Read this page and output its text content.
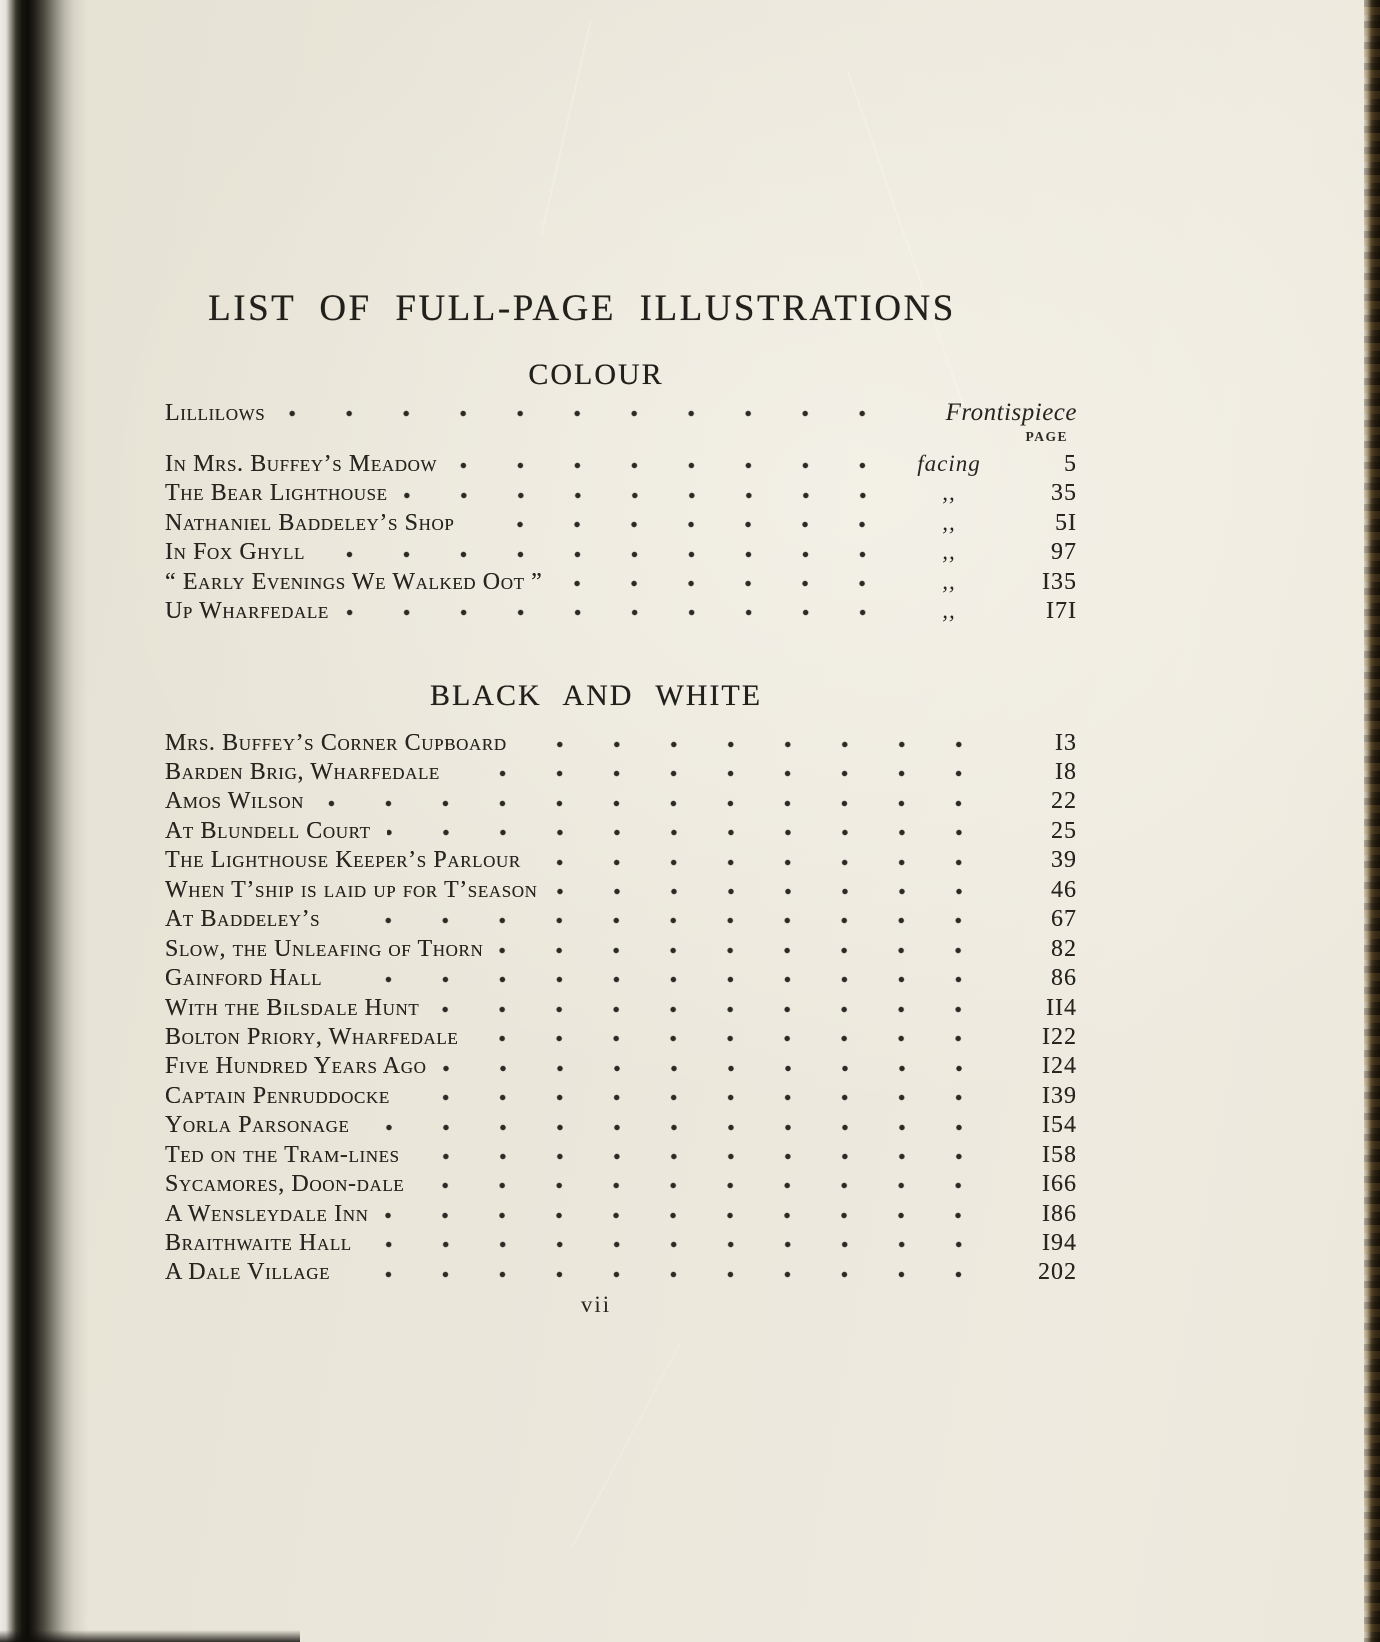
LIST OF FULL-PAGE ILLUSTRATIONS
COLOUR
Lillilows	Frontispiece
PAGE
In Mrs. Buffey’s Meadow	facing	5
The Bear Lighthouse	,,	35
Nathaniel Baddeley’s Shop	,,	5I
In Fox Ghyll	,,	97
“ Early Evenings We Walked Oot ”	,,	I35
Up Wharfedale	,,	I7I
BLACK AND WHITE
Mrs. Buffey’s Corner Cupboard	I3
Barden Brig, Wharfedale	I8
Amos Wilson	22
At Blundell Court	25
The Lighthouse Keeper’s Parlour	39
When T’ship is laid up for T’season	46
At Baddeley’s	67
Slow, the Unleafing of Thorn	82
Gainford Hall	86
With the Bilsdale Hunt	II4
Bolton Priory, Wharfedale	I22
Five Hundred Years Ago	I24
Captain Penruddocke	I39
Yorla Parsonage	I54
Ted on the Tram-lines	I58
Sycamores, Doon-dale	I66
A Wensleydale Inn	I86
Braithwaite Hall	I94
A Dale Village	202
vii
